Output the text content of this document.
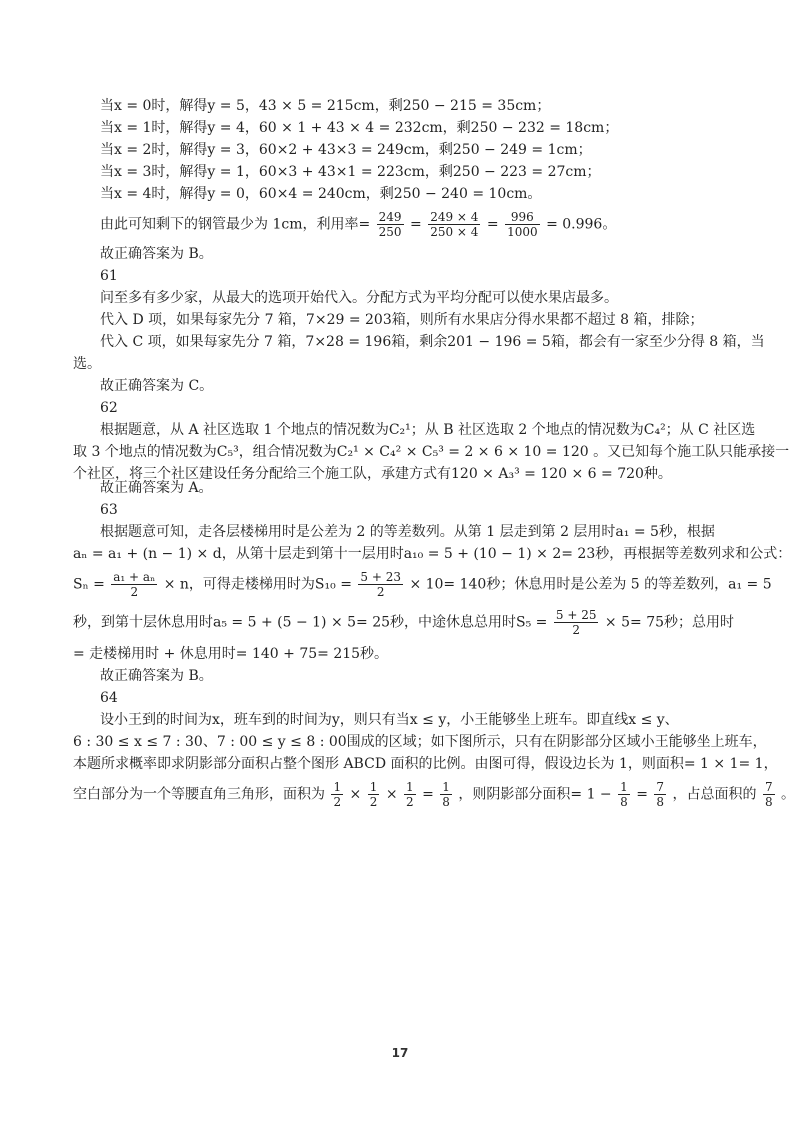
当x = 0时，解得y = 5，43 × 5 = 215cm，剩250 − 215 = 35cm；
当x = 1时，解得y = 4，60 × 1 + 43 × 4 = 232cm，剩250 − 232 = 18cm；
当x = 2时，解得y = 3，60×2 + 43×3 = 249cm，剩250 − 249 = 1cm；
当x = 3时，解得y = 1，60×3 + 43×1 = 223cm，剩250 − 223 = 27cm；
当x = 4时，解得y = 0，60×4 = 240cm，剩250 − 240 = 10cm。
由此可知剩下的钢管最少为 1cm，利用率= $\frac{249}{250} = \frac{249 \times 4}{250 \times 4} = \frac{996}{1000} = 0.996$。
故正确答案为 B。
61
问至多有多少家，从最大的选项开始代入。分配方式为平均分配可以使水果店最多。
代入 D 项，如果每家先分 7 箱，7×29 = 203箱，则所有水果店分得水果都不超过 8 箱，排除；
代入 C 项，如果每家先分 7 箱，7×28 = 196箱，剩余201 − 196 = 5箱，都会有一家至少分得 8 箱，当
选。
故正确答案为 C。
62
根据题意，从 A 社区选取 1 个地点的情况数为C₂¹；从 B 社区选取 2 个地点的情况数为C₄²；从 C 社区选
取 3 个地点的情况数为C₅³，组合情况数为C₂¹ × C₄² × C₅³ = 2 × 6 × 10 = 120 。又已知每个施工队只能承接一
个社区，将三个社区建设任务分配给三个施工队，承建方式有120 × A₃³ = 120 × 6 = 720种。
故正确答案为 A。
63
根据题意可知，走各层楼梯用时是公差为 2 的等差数列。从第 1 层走到第 2 层用时a₁ = 5秒，根据
aₙ = a₁ + (n − 1) × d，从第十层走到第十一层用时a₁₀ = 5 + (10 − 1) × 2= 23秒，再根据等差数列求和公式：
$S_n = \frac{\text{a₁ + aₙ}}{2} \times n$，可得走楼梯用时为$S_{10} = \frac{5 + 23}{2} \times 10= 140$秒；休息用时是公差为 5 的等差数列，a₁ = 5
秒，到第十层休息用时a₅ = 5 + (5 − 1) × 5= 25秒，中途休息总用时$S_5 = \frac{5 + 25}{2} \times 5= 75$秒；总用时
= 走楼梯用时 + 休息用时= 140 + 75= 215秒。
故正确答案为 B。
64
设小王到的时间为x，班车到的时间为y，则只有当x ≤ y，小王能够坐上班车。即直线x ≤ y、
6 : 30 ≤ x ≤ 7 : 30、7 : 00 ≤ y ≤ 8 : 00围成的区域；如下图所示，只有在阴影部分区域小王能够坐上班车，
本题所求概率即求阴影部分面积占整个图形 ABCD 面积的比例。由图可得，假设边长为 1，则面积= 1 × 1= 1，
空白部分为一个等腰直角三角形，面积为 $\frac{1}{2} \times \frac{1}{2} \times \frac{1}{2} = \frac{1}{8}$ ，则阴影部分面积= $1 - \frac{1}{8} = \frac{7}{8}$ ，占总面积的 $\frac{7}{8}$ 。
17
